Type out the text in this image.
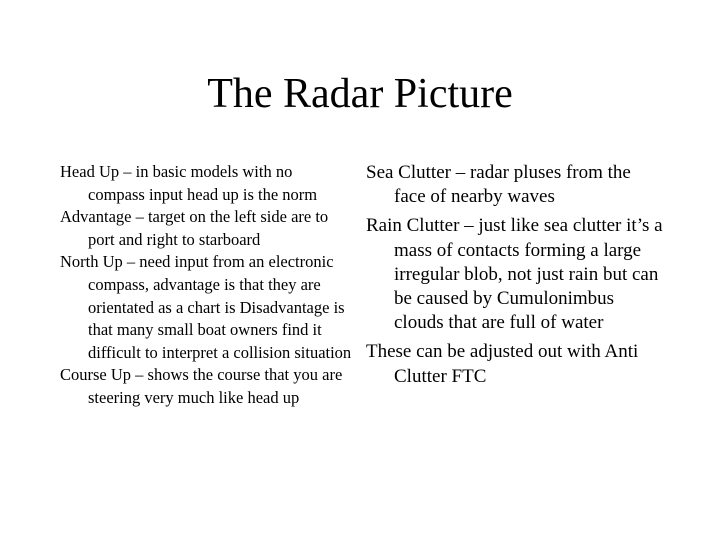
The Radar Picture
Head Up – in basic models with no compass input head up is the norm
Advantage – target on the left side are to port and right to starboard
North Up – need input from an electronic compass, advantage is that they are orientated as a chart is Disadvantage is that many small boat owners find it difficult to interpret a collision situation
Course Up – shows the course that you are steering very much like head up
Sea Clutter – radar pluses from the face of nearby waves
Rain Clutter – just like sea clutter it’s a mass of contacts forming a large irregular blob, not just rain but can be caused by Cumulonimbus clouds that are full of water
These can be adjusted out with Anti Clutter FTC
